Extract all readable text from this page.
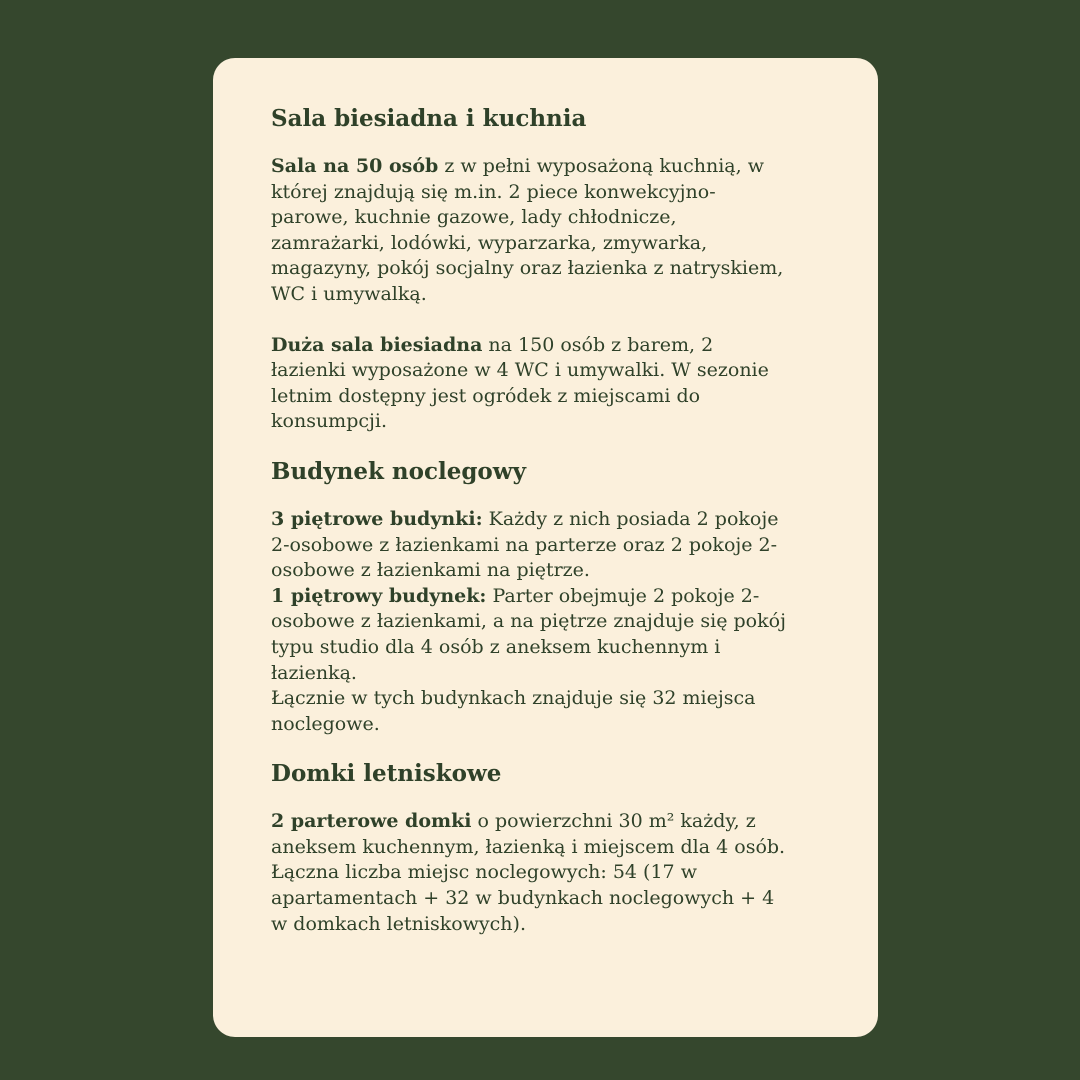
Sala biesiadna i kuchnia

Sala na 50 osób z w pełni wyposażoną kuchnią, w której znajdują się m.in. 2 piece konwekcyjno-parowe, kuchnie gazowe, lady chłodnicze, zamrażarki, lodówki, wyparzarka, zmywarka, magazyny, pokój socjalny oraz łazienka z natryskiem, WC i umywalką.

Duża sala biesiadna na 150 osób z barem, 2 łazienki wyposażone w 4 WC i umywalki. W sezonie letnim dostępny jest ogródek z miejscami do konsumpcji.

Budynek noclegowy

3 piętrowe budynki: Każdy z nich posiada 2 pokoje 2-osobowe z łazienkami na parterze oraz 2 pokoje 2-osobowe z łazienkami na piętrze.

1 piętrowy budynek: Parter obejmuje 2 pokoje 2-osobowe z łazienkami, a na piętrze znajduje się pokój typu studio dla 4 osób z aneksem kuchennym i łazienką.

Łącznie w tych budynkach znajduje się 32 miejsca noclegowe.

Domki letniskowe

2 parterowe domki o powierzchni 30 m² każdy, z aneksem kuchennym, łazienką i miejscem dla 4 osób.

Łączna liczba miejsc noclegowych: 54 (17 w apartamentach + 32 w budynkach noclegowych + 4 w domkach letniskowych).
